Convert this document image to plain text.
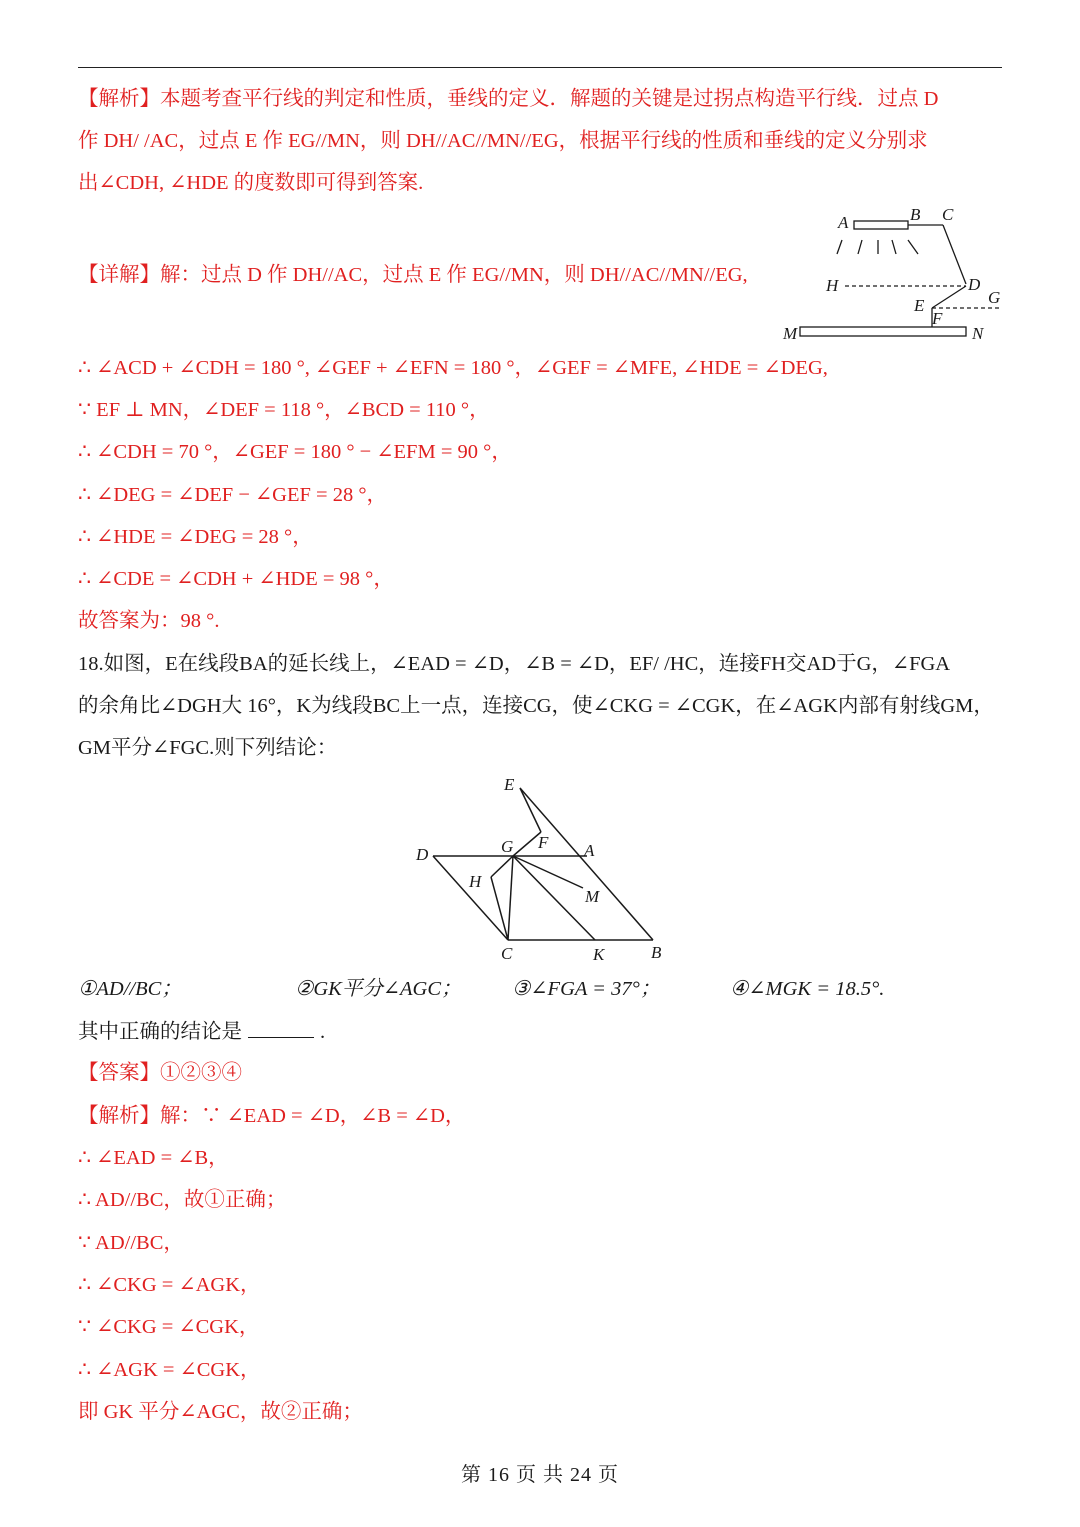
【解析】本题考查平行线的判定和性质，垂线的定义．解题的关键是过拐点构造平行线．过点 D
作 DH/ /AC，过点 E 作 EG//MN，则 DH//AC//MN//EG，根据平行线的性质和垂线的定义分别求
出∠CDH, ∠HDE 的度数即可得到答案.
【详解】解：过点 D 作 DH//AC，过点 E 作 EG//MN，则 DH//AC//MN//EG,
A	B C
H	D
E	G
F
M	N
∴ ∠ACD + ∠CDH = 180 °, ∠GEF + ∠EFN = 180 °，∠GEF = ∠MFE, ∠HDE = ∠DEG,
∵ EF ⊥ MN，∠DEF = 118 °，∠BCD = 110 °，
∴ ∠CDH = 70 °，∠GEF = 180 ° − ∠EFM = 90 °，
∴ ∠DEG = ∠DEF − ∠GEF = 28 °，
∴ ∠HDE = ∠DEG = 28 °，
∴ ∠CDE = ∠CDH + ∠HDE = 98 °，
故答案为：98 °.
18.如图，E在线段BA的延长线上，∠EAD = ∠D，∠B = ∠D，EF/ /HC，连接FH交AD于G，∠FGA
的余角比∠DGH大 16°，K为线段BC上一点，连接CG，使∠CKG = ∠CGK，在∠AGK内部有射线GM，
GM平分∠FGC.则下列结论：
E
D	G F A
H
M
C	K	B
①AD//BC；	②GK平分∠AGC； ③∠FGA = 37°；	④∠MGK = 18.5°.
其中正确的结论是	.
【答案】①②③④
【解析】解：∵ ∠EAD = ∠D，∠B = ∠D，
∴ ∠EAD = ∠B，
∴ AD//BC，故①正确；
∵ AD//BC，
∴ ∠CKG = ∠AGK，
∵ ∠CKG = ∠CGK，
∴ ∠AGK = ∠CGK，
即 GK 平分∠AGC，故②正确；
第 16 页 共 24 页
